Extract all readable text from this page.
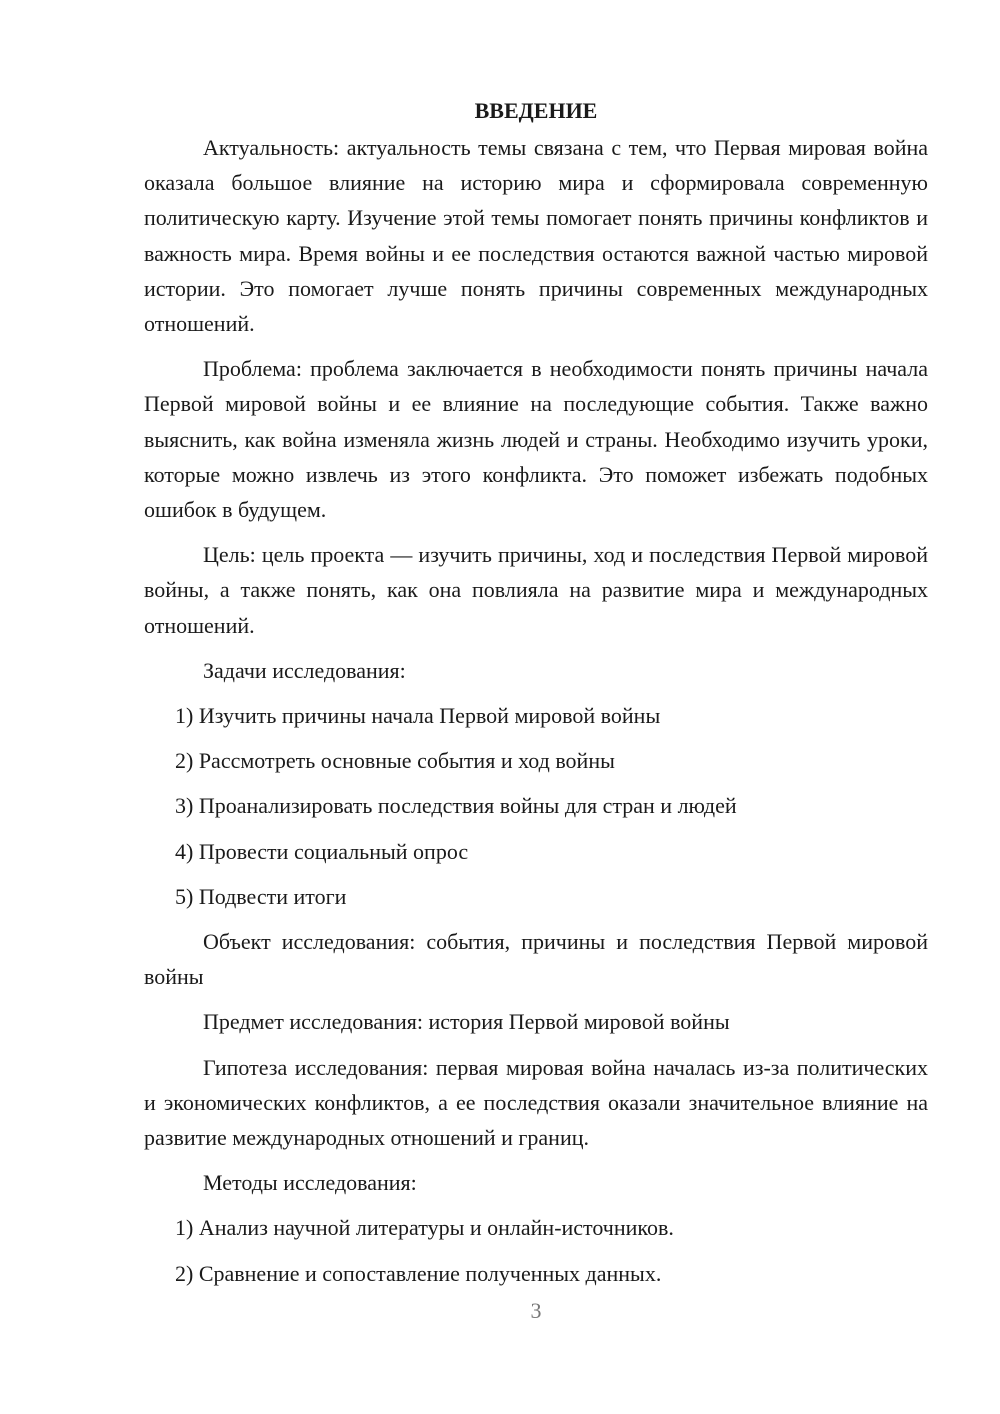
ВВЕДЕНИЕ

Актуальность: актуальность темы связана с тем, что Первая мировая война оказала большое влияние на историю мира и сформировала современную политическую карту. Изучение этой темы помогает понять причины конфликтов и важность мира. Время войны и ее последствия остаются важной частью мировой истории. Это помогает лучше понять причины современных международных отношений.

Проблема: проблема заключается в необходимости понять причины начала Первой мировой войны и ее влияние на последующие события. Также важно выяснить, как война изменяла жизнь людей и страны. Необходимо изучить уроки, которые можно извлечь из этого конфликта. Это поможет избежать подобных ошибок в будущем.

Цель: цель проекта — изучить причины, ход и последствия Первой мировой войны, а также понять, как она повлияла на развитие мира и международных отношений.

Задачи исследования:

1) Изучить причины начала Первой мировой войны

2) Рассмотреть основные события и ход войны

3) Проанализировать последствия войны для стран и людей

4) Провести социальный опрос

5) Подвести итоги

Объект исследования: события, причины и последствия Первой мировой войны

Предмет исследования: история Первой мировой войны

Гипотеза исследования: первая мировая война началась из-за политических и экономических конфликтов, а ее последствия оказали значительное влияние на развитие международных отношений и границ.

Методы исследования:

1) Анализ научной литературы и онлайн-источников.

2) Сравнение и сопоставление полученных данных.

3
